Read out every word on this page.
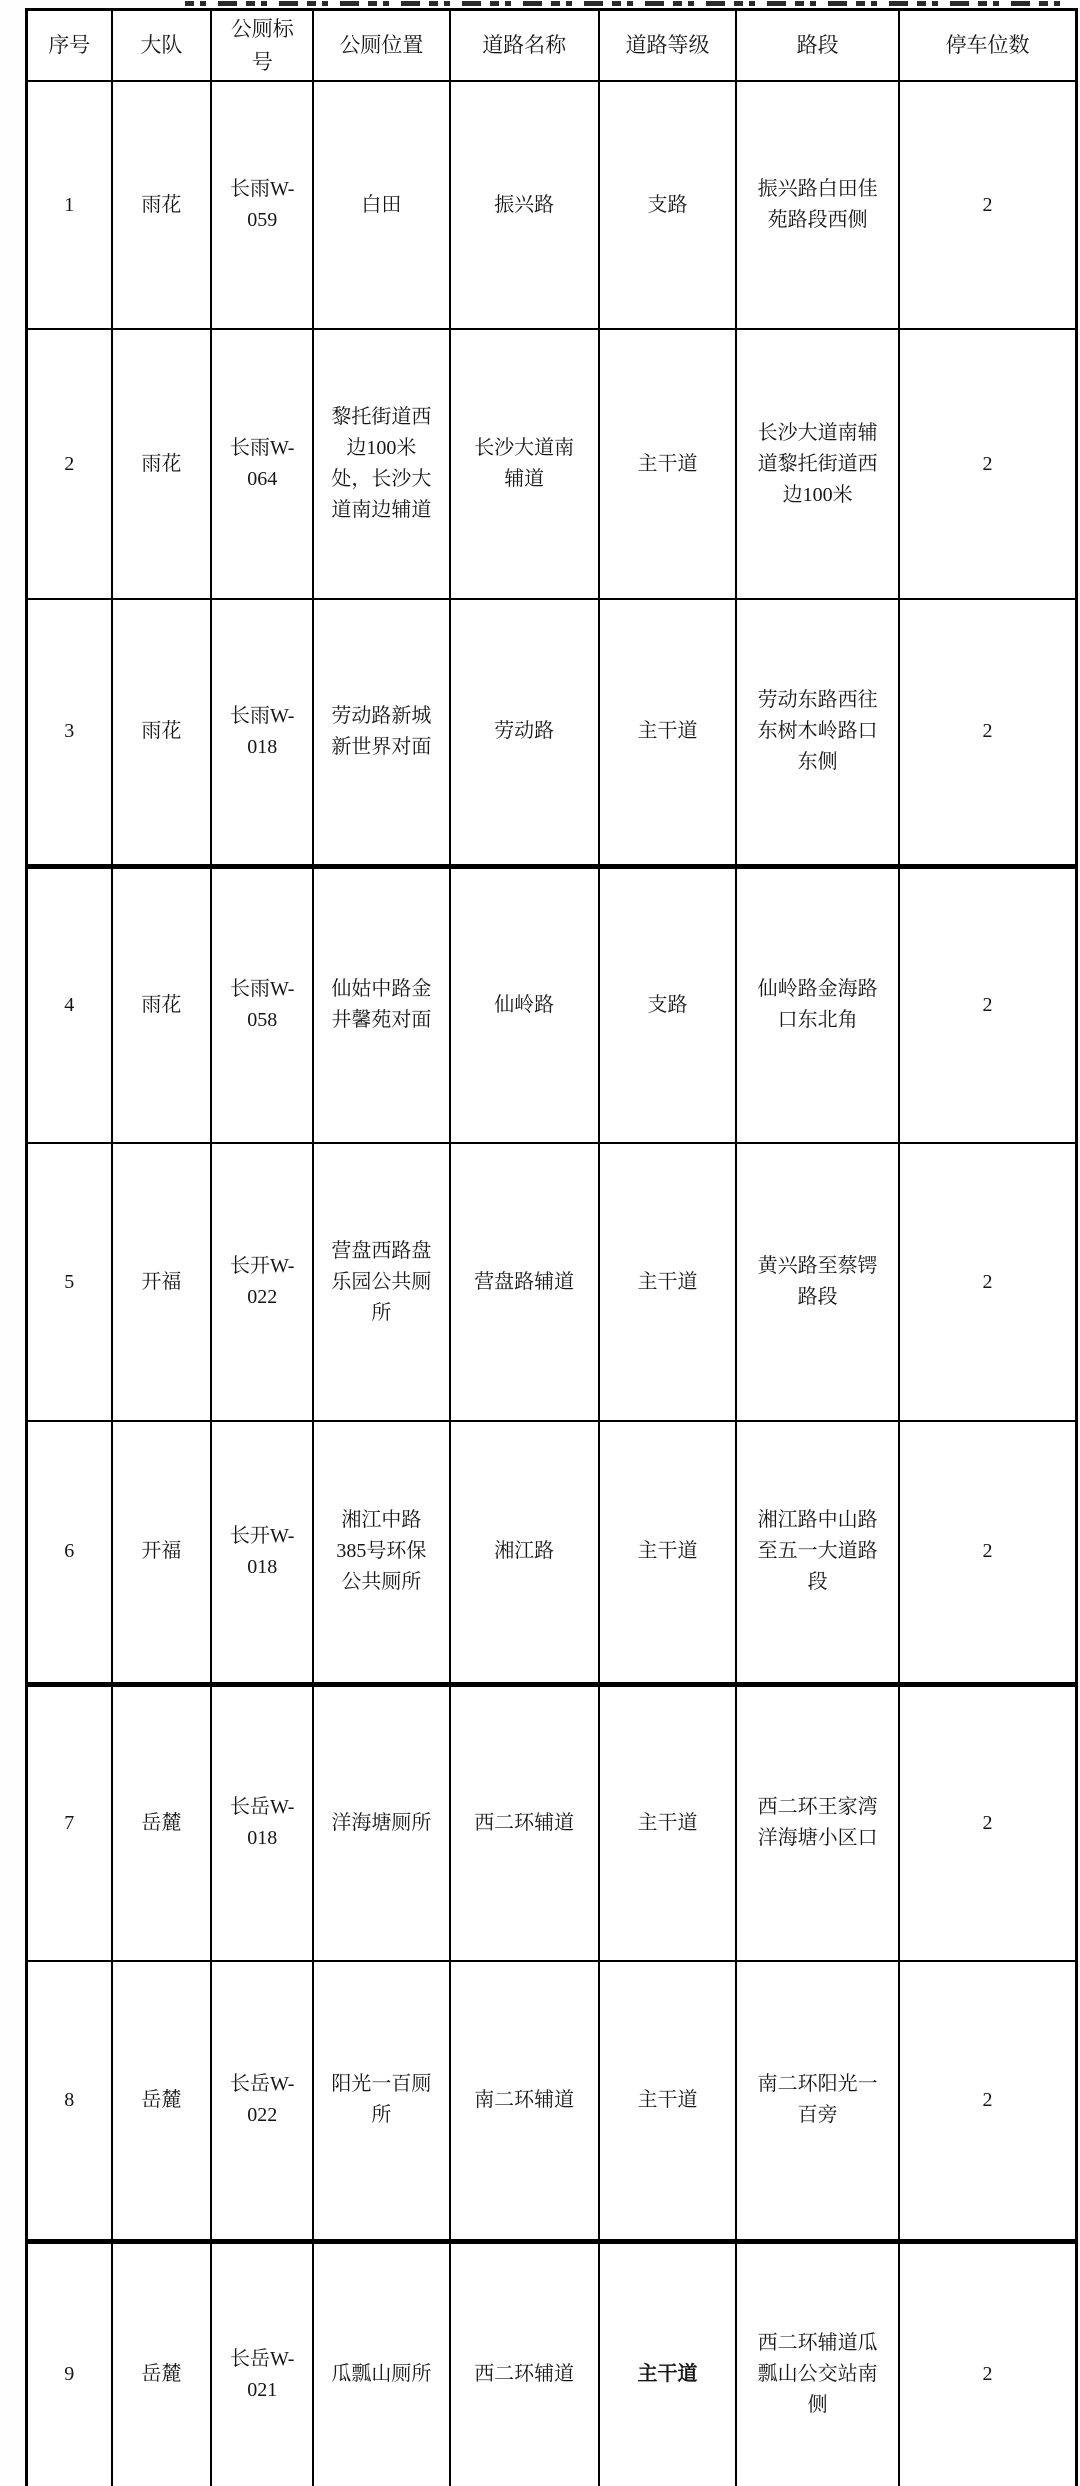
序号	大队	公厕标号	公厕位置	道路名称	道路等级	路段	停车位数
1	雨花	长雨W-059	白田	振兴路	支路	振兴路白田佳苑路段西侧	2
2	雨花	长雨W-064	黎托街道西边100米处，长沙大道南边辅道	长沙大道南辅道	主干道	长沙大道南辅道黎托街道西边100米	2
3	雨花	长雨W-018	劳动路新城新世界对面	劳动路	主干道	劳动东路西往东树木岭路口东侧	2
4	雨花	长雨W-058	仙姑中路金井馨苑对面	仙岭路	支路	仙岭路金海路口东北角	2
5	开福	长开W-022	营盘西路盘乐园公共厕所	营盘路辅道	主干道	黄兴路至蔡锷路段	2
6	开福	长开W-018	湘江中路385号环保公共厕所	湘江路	主干道	湘江路中山路至五一大道路段	2
7	岳麓	长岳W-018	洋海塘厕所	西二环辅道	主干道	西二环王家湾洋海塘小区口	2
8	岳麓	长岳W-022	阳光一百厕所	南二环辅道	主干道	南二环阳光一百旁	2
9	岳麓	长岳W-021	瓜瓢山厕所	西二环辅道	主干道	西二环辅道瓜瓢山公交站南侧	2
